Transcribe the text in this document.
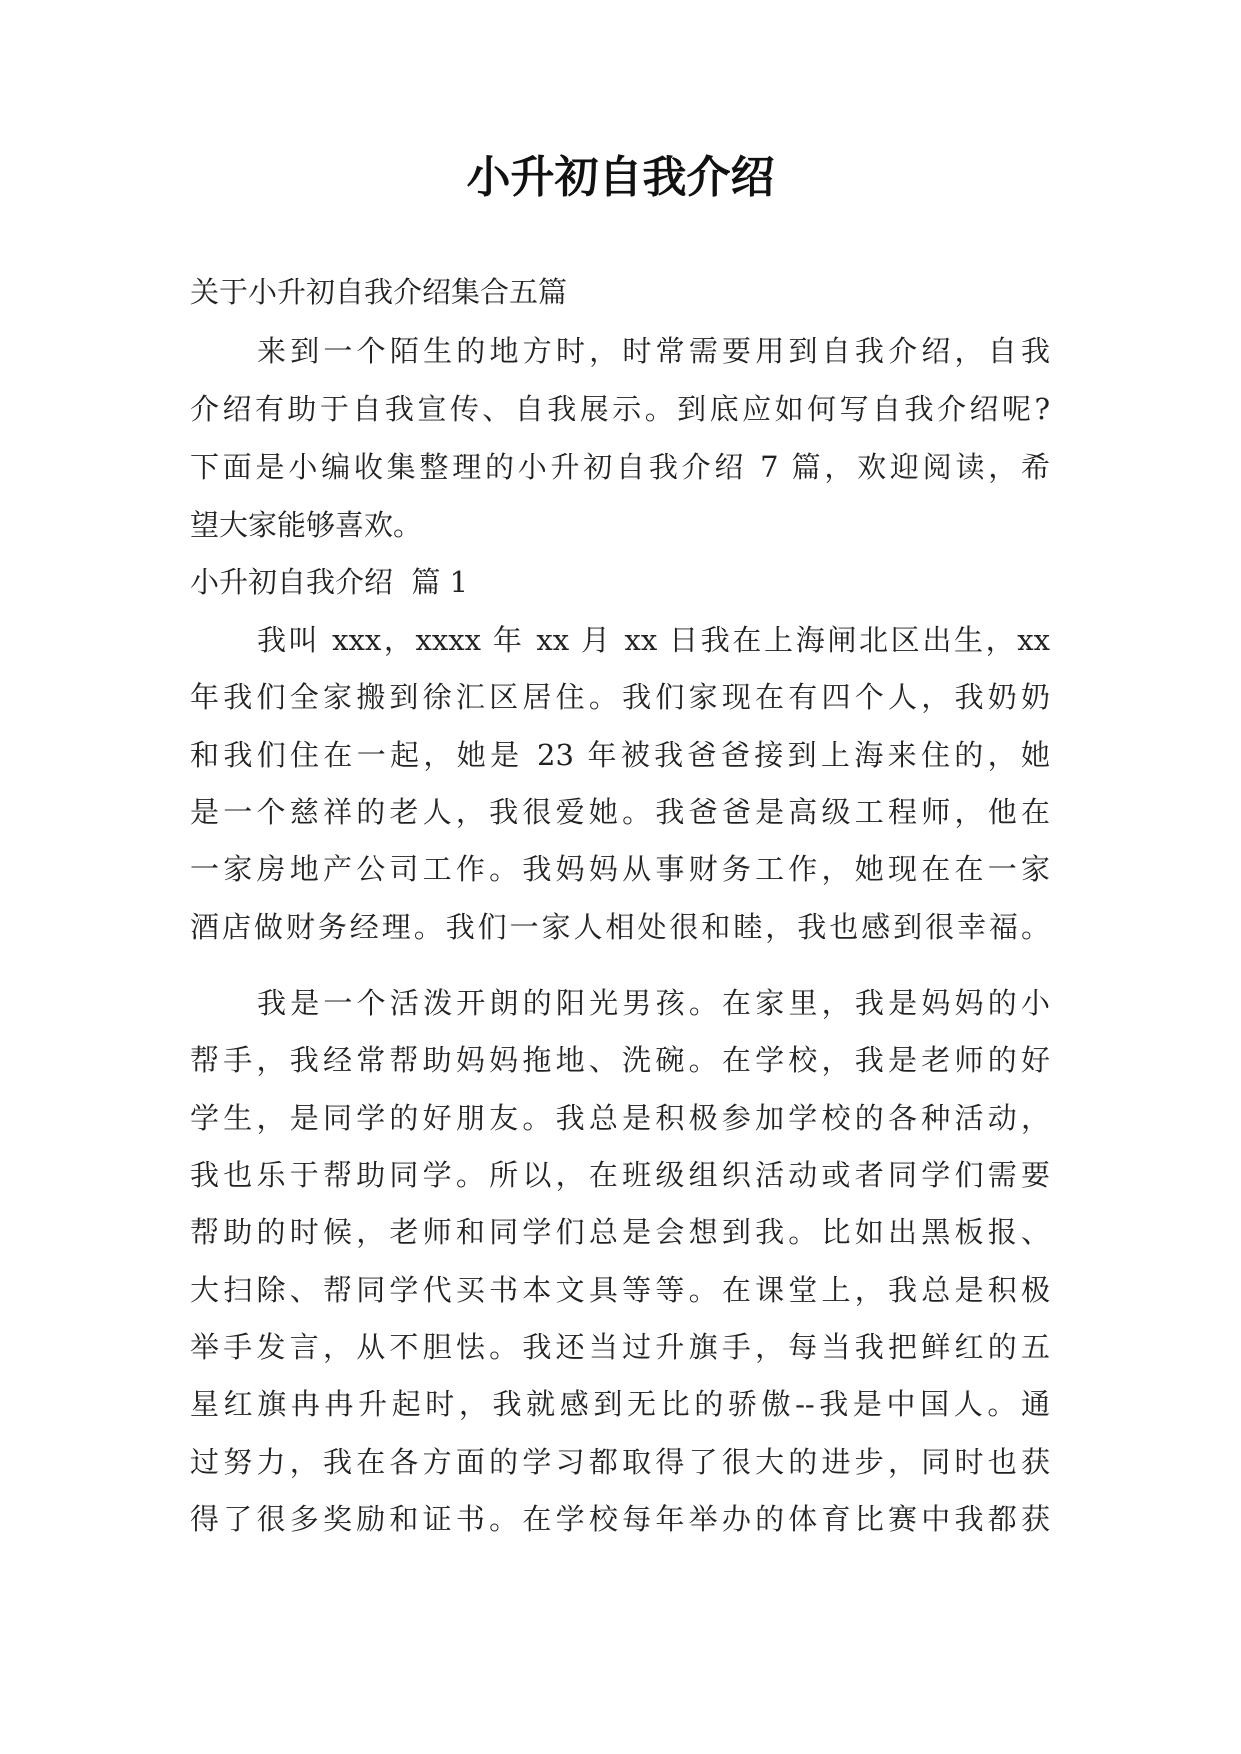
小升初自我介绍
关于小升初自我介绍集合五篇
来到一个陌生的地方时，时常需要用到自我介绍，自我
介绍有助于自我宣传、自我展示。到底应如何写自我介绍呢?
下面是小编收集整理的小升初自我介绍 7 篇，欢迎阅读，希
望大家能够喜欢。
小升初自我介绍  篇 1
我叫 xxx，xxxx 年 xx 月 xx 日我在上海闸北区出生，xx
年我们全家搬到徐汇区居住。我们家现在有四个人，我奶奶
和我们住在一起，她是 23 年被我爸爸接到上海来住的，她
是一个慈祥的老人，我很爱她。我爸爸是高级工程师，他在
一家房地产公司工作。我妈妈从事财务工作，她现在在一家
酒店做财务经理。我们一家人相处很和睦，我也感到很幸福。
我是一个活泼开朗的阳光男孩。在家里，我是妈妈的小
帮手，我经常帮助妈妈拖地、洗碗。在学校，我是老师的好
学生，是同学的好朋友。我总是积极参加学校的各种活动，
我也乐于帮助同学。所以，在班级组织活动或者同学们需要
帮助的时候，老师和同学们总是会想到我。比如出黑板报、
大扫除、帮同学代买书本文具等等。在课堂上，我总是积极
举手发言，从不胆怯。我还当过升旗手，每当我把鲜红的五
星红旗冉冉升起时，我就感到无比的骄傲--我是中国人。通
过努力，我在各方面的学习都取得了很大的进步，同时也获
得了很多奖励和证书。在学校每年举办的体育比赛中我都获
